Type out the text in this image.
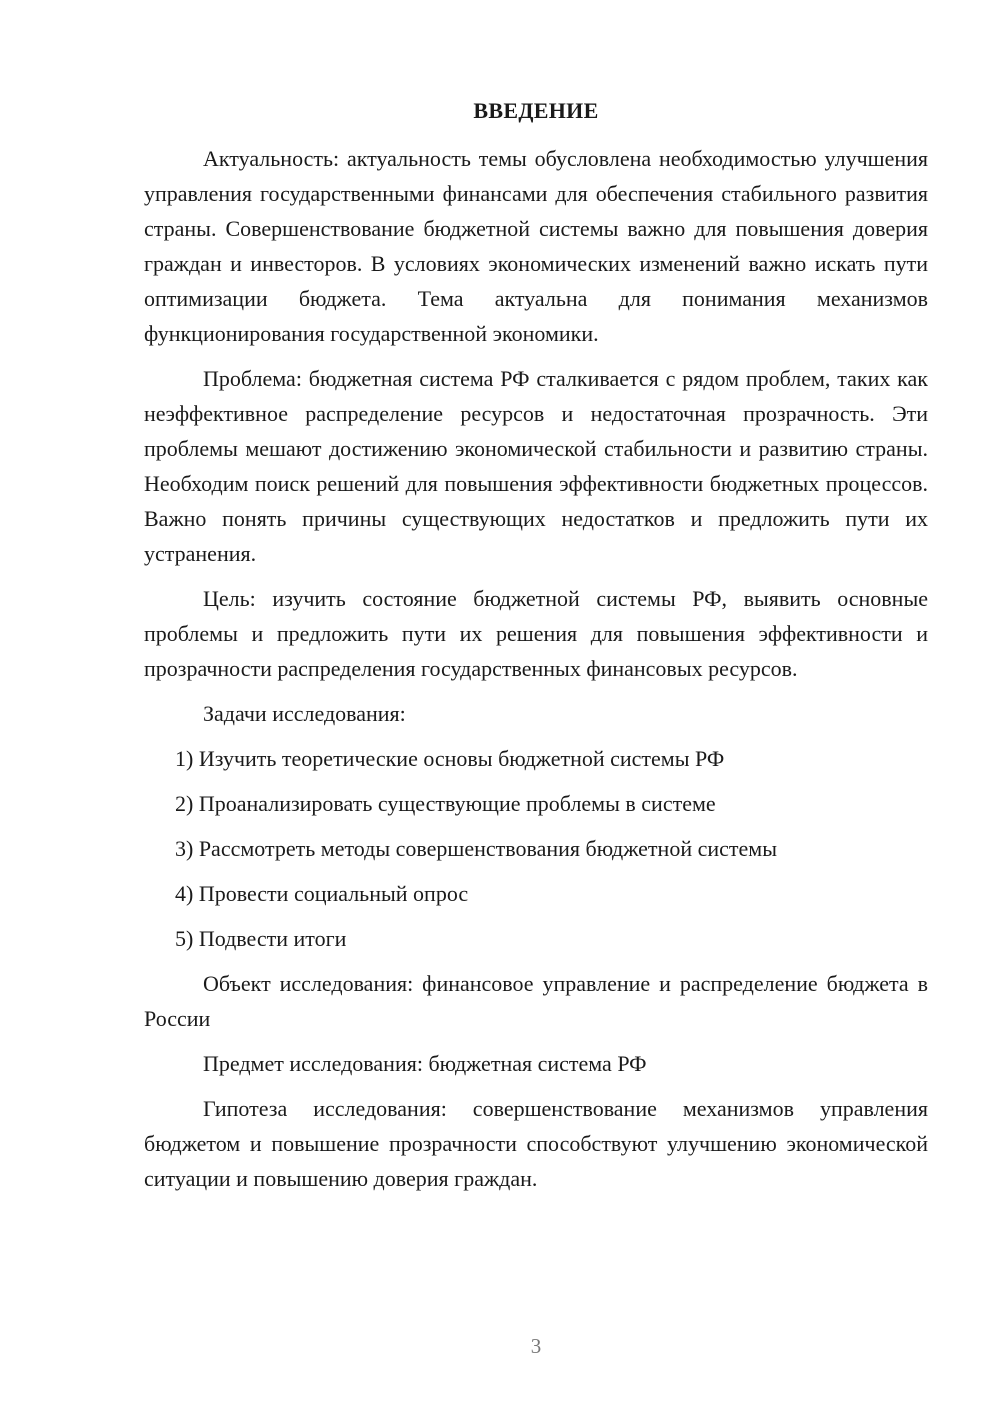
ВВЕДЕНИЕ

Актуальность: актуальность темы обусловлена необходимостью улучшения управления государственными финансами для обеспечения стабильного развития страны. Совершенствование бюджетной системы важно для повышения доверия граждан и инвесторов. В условиях экономических изменений важно искать пути оптимизации бюджета. Тема актуальна для понимания механизмов функционирования государственной экономики.

Проблема: бюджетная система РФ сталкивается с рядом проблем, таких как неэффективное распределение ресурсов и недостаточная прозрачность. Эти проблемы мешают достижению экономической стабильности и развитию страны. Необходим поиск решений для повышения эффективности бюджетных процессов. Важно понять причины существующих недостатков и предложить пути их устранения.

Цель: изучить состояние бюджетной системы РФ, выявить основные проблемы и предложить пути их решения для повышения эффективности и прозрачности распределения государственных финансовых ресурсов.

Задачи исследования:

1) Изучить теоретические основы бюджетной системы РФ
2) Проанализировать существующие проблемы в системе
3) Рассмотреть методы совершенствования бюджетной системы
4) Провести социальный опрос
5) Подвести итоги

Объект исследования: финансовое управление и распределение бюджета в России

Предмет исследования: бюджетная система РФ

Гипотеза исследования: совершенствование механизмов управления бюджетом и повышение прозрачности способствуют улучшению экономической ситуации и повышению доверия граждан.

3
